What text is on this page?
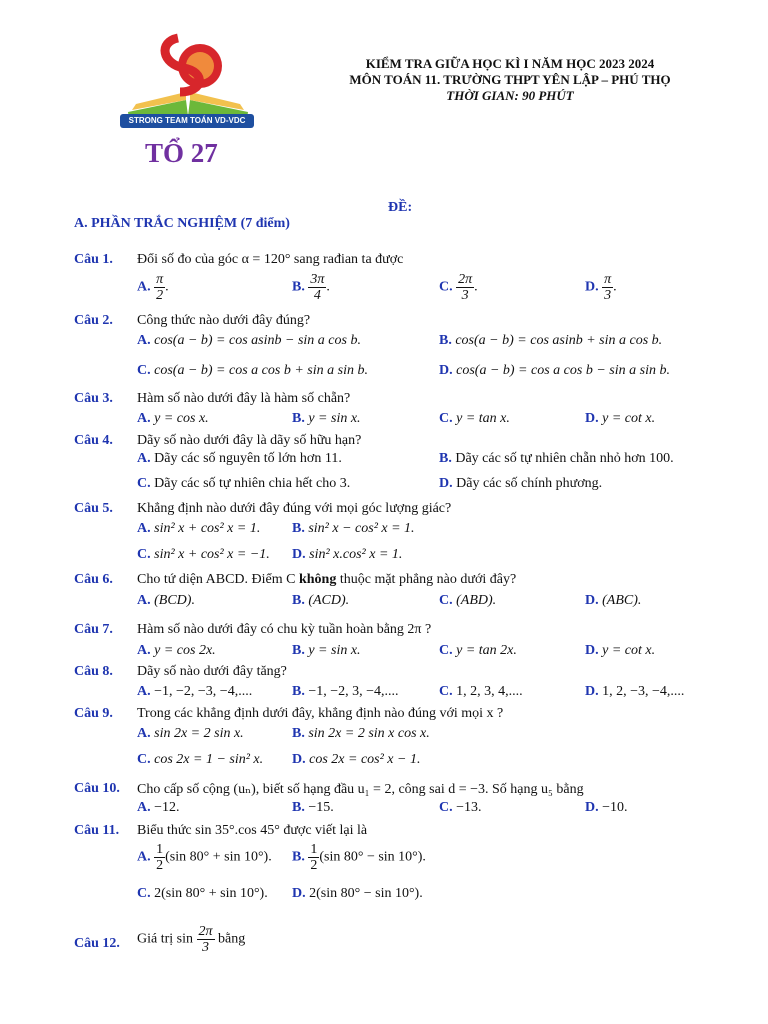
STRONG TEAM TOÁN VD-VDC
TỔ 27
KIỂM TRA GIỮA HỌC KÌ I NĂM HỌC 2023 2024
MÔN TOÁN 11. TRƯỜNG THPT YÊN LẬP – PHÚ THỌ
THỜI GIAN: 90 PHÚT
ĐỀ:
A. PHẦN TRẮC NGHIỆM (7 điểm)
Câu 1. Đổi số đo của góc α = 120° sang rađian ta được
A. $\frac{\pi}{2}$ .	B. $\frac{3\pi}{4}$ .	C. $\frac{2\pi}{3}$ .	D. $\frac{\pi}{3}$ .
Câu 2. Công thức nào dưới đây đúng?
A. cos(a − b) = cos asinb − sin a cos b.	B. cos(a − b) = cos asinb + sin a cos b.
C. cos(a − b) = cos a cos b + sin a sin b.	D. cos(a − b) = cos a cos b − sin a sin b.
Câu 3. Hàm số nào dưới đây là hàm số chẵn?
A. y = cos x.	B. y = sin x.	C. y = tan x.	D. y = cot x.
Câu 4. Dãy số nào dưới đây là dãy số hữu hạn?
A. Dãy các số nguyên tố lớn hơn 11.	B. Dãy các số tự nhiên chẵn nhỏ hơn 100.
C. Dãy các số tự nhiên chia hết cho 3.	D. Dãy các số chính phương.
Câu 5. Khẳng định nào dưới đây đúng với mọi góc lượng giác?
A. sin² x + cos² x = 1. B. sin² x − cos² x = 1.
C. sin² x + cos² x = −1. D. sin² x.cos² x = 1.
Câu 6. Cho tứ diện ABCD. Điểm C không thuộc mặt phẳng nào dưới đây?
A. (BCD).	B. (ACD).	C. (ABD).	D. (ABC).
Câu 7. Hàm số nào dưới đây có chu kỳ tuần hoàn bằng 2π ?
A. y = cos 2x.	B. y = sin x.	C. y = tan 2x.	D. y = cot x.
Câu 8. Dãy số nào dưới đây tăng?
A. −1, −2, −3, −4,....	B. −1, −2, 3, −4,....	C. 1, 2, 3, 4,....	D. 1, 2, −3, −4,....
Câu 9. Trong các khẳng định dưới đây, khẳng định nào đúng với mọi x ?
A. sin 2x = 2 sin x.	B. sin 2x = 2 sin x cos x.
C. cos 2x = 1 − sin² x. D. cos 2x = cos² x − 1.
Câu 10. Cho cấp số cộng (uₙ), biết số hạng đầu u₁ = 2, công sai d = −3. Số hạng u₅ bằng
A. −12.	B. −15.	C. −13.	D. −10.
Câu 11. Biểu thức sin 35°.cos 45° được viết lại là
A. $\frac{1}{2} (\sin$ 80° + sin 10°). B. $\frac{1}{2} (\sin$ 80° − sin 10°).
C. 2(sin 80° + sin 10°). D. 2(sin 80° − sin 10°).
Câu 12. Giá trị $\sin \frac{2\pi}{3}$ bằng
